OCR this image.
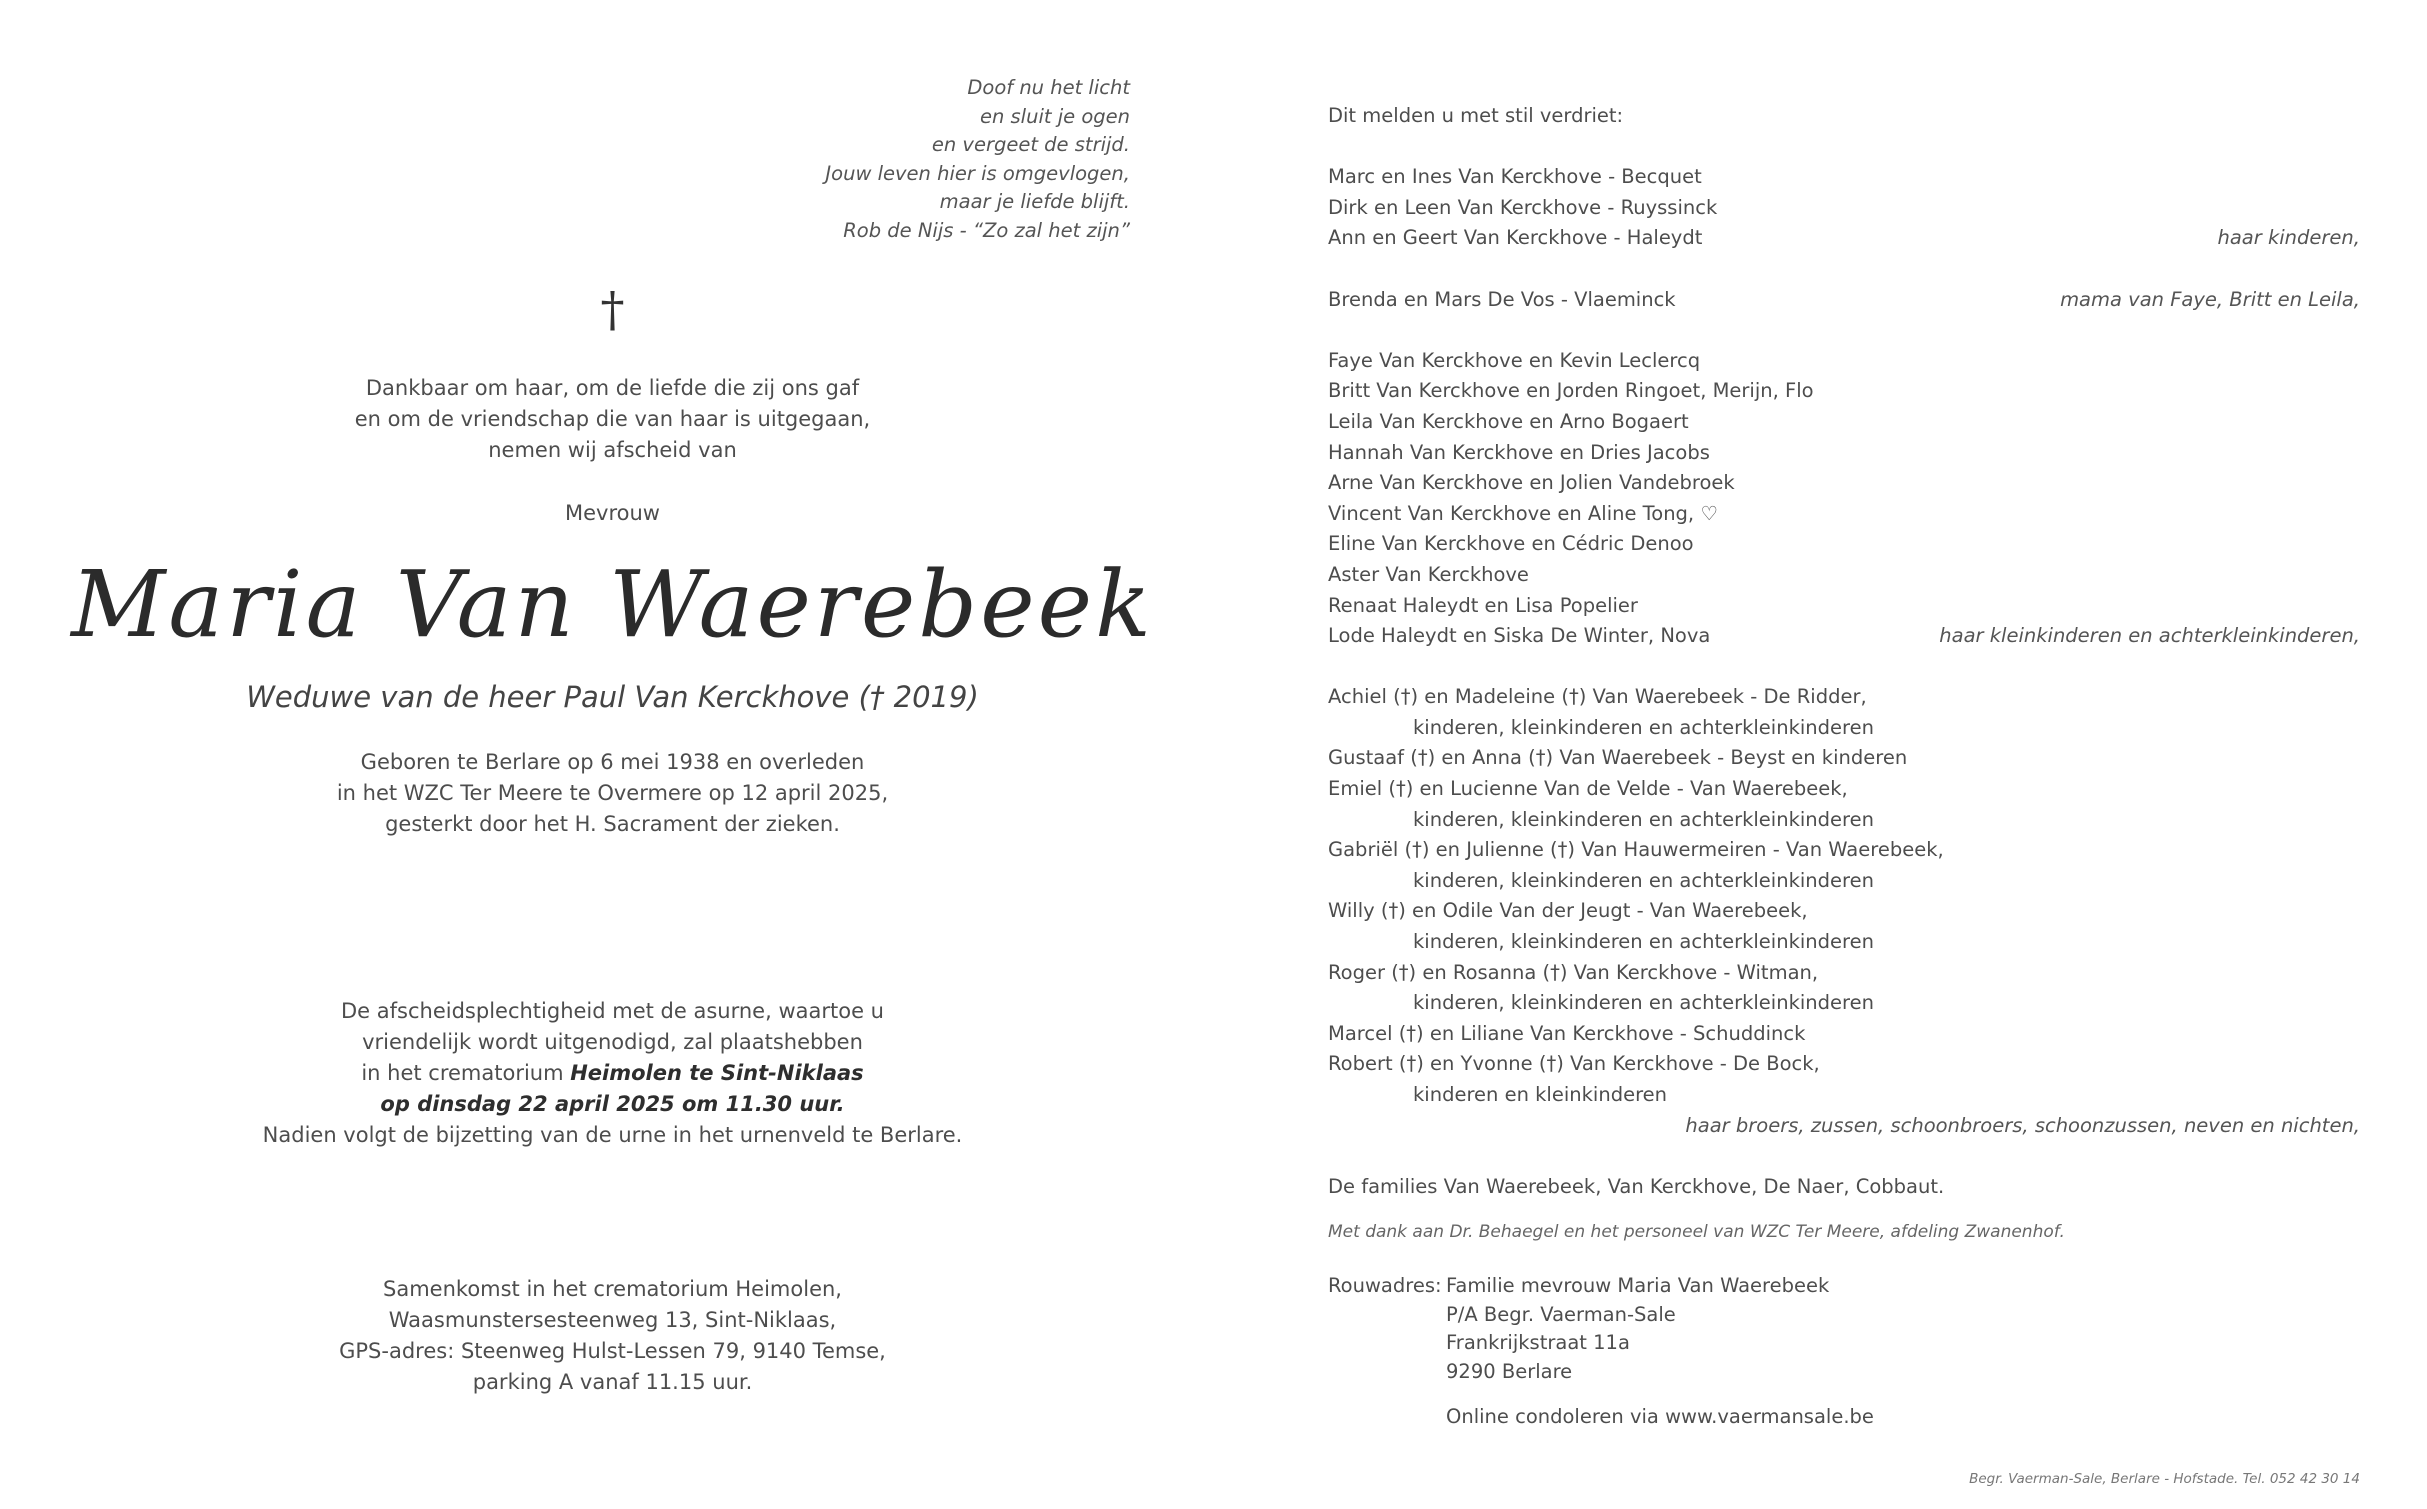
Doof nu het licht
en sluit je ogen
en vergeet de strijd.
Jouw leven hier is omgevlogen,
maar je liefde blijft.
Rob de Nijs - “Zo zal het zijn”
†
Dankbaar om haar, om de liefde die zij ons gaf
en om de vriendschap die van haar is uitgegaan,
nemen wij afscheid van
Mevrouw
Maria Van Waerebeek
Weduwe van de heer Paul Van Kerckhove († 2019)
Geboren te Berlare op 6 mei 1938 en overleden
in het WZC Ter Meere te Overmere op 12 april 2025,
gesterkt door het H. Sacrament der zieken.
De afscheidsplechtigheid met de asurne, waartoe u
vriendelijk wordt uitgenodigd, zal plaatshebben
in het crematorium Heimolen te Sint-Niklaas
op dinsdag 22 april 2025 om 11.30 uur.
Nadien volgt de bijzetting van de urne in het urnenveld te Berlare.
Samenkomst in het crematorium Heimolen,
Waasmunstersesteenweg 13, Sint-Niklaas,
GPS-adres: Steenweg Hulst-Lessen 79, 9140 Temse,
parking A vanaf 11.15 uur.
Dit melden u met stil verdriet:
Marc en Ines Van Kerckhove - Becquet
Dirk en Leen Van Kerckhove - Ruyssinck
Ann en Geert Van Kerckhove - Haleydt	haar kinderen,
Brenda en Mars De Vos - Vlaeminck	mama van Faye, Britt en Leila,
Faye Van Kerckhove en Kevin Leclercq
Britt Van Kerckhove en Jorden Ringoet, Merijn, Flo
Leila Van Kerckhove en Arno Bogaert
Hannah Van Kerckhove en Dries Jacobs
Arne Van Kerckhove en Jolien Vandebroek
Vincent Van Kerckhove en Aline Tong, ♡
Eline Van Kerckhove en Cédric Denoo
Aster Van Kerckhove
Renaat Haleydt en Lisa Popelier
Lode Haleydt en Siska De Winter, Nova	haar kleinkinderen en achterkleinkinderen,
Achiel (†) en Madeleine (†) Van Waerebeek - De Ridder,
kinderen, kleinkinderen en achterkleinkinderen
Gustaaf (†) en Anna (†) Van Waerebeek - Beyst en kinderen
Emiel (†) en Lucienne Van de Velde - Van Waerebeek,
kinderen, kleinkinderen en achterkleinkinderen
Gabriël (†) en Julienne (†) Van Hauwermeiren - Van Waerebeek,
kinderen, kleinkinderen en achterkleinkinderen
Willy (†) en Odile Van der Jeugt - Van Waerebeek,
kinderen, kleinkinderen en achterkleinkinderen
Roger (†) en Rosanna (†) Van Kerckhove - Witman,
kinderen, kleinkinderen en achterkleinkinderen
Marcel (†) en Liliane Van Kerckhove - Schuddinck
Robert (†) en Yvonne (†) Van Kerckhove - De Bock,
kinderen en kleinkinderen
haar broers, zussen, schoonbroers, schoonzussen, neven en nichten,
De families Van Waerebeek, Van Kerckhove, De Naer, Cobbaut.
Met dank aan Dr. Behaegel en het personeel van WZC Ter Meere, afdeling Zwanenhof.
Rouwadres: Familie mevrouw Maria Van Waerebeek
P/A Begr. Vaerman-Sale
Frankrijkstraat 11a
9290 Berlare
Online condoleren via www.vaermansale.be
Begr. Vaerman-Sale, Berlare - Hofstade. Tel. 052 42 30 14
